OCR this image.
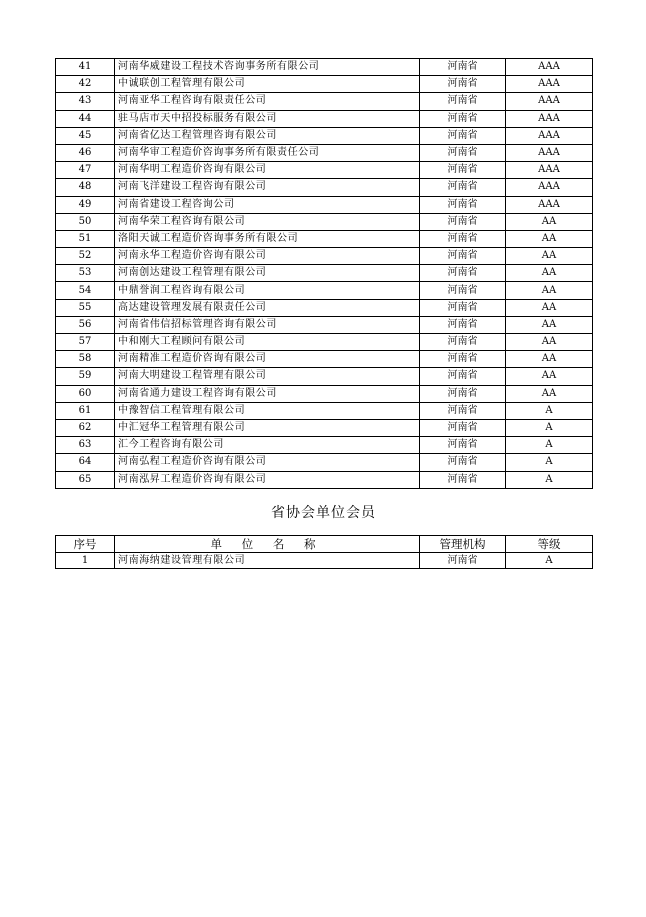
41	河南华威建设工程技术咨询事务所有限公司	河南省	AAA
42	中诚联创工程管理有限公司	河南省	AAA
43	河南亚华工程咨询有限责任公司	河南省	AAA
44	驻马店市天中招投标服务有限公司	河南省	AAA
45	河南省亿达工程管理咨询有限公司	河南省	AAA
46	河南华审工程造价咨询事务所有限责任公司	河南省	AAA
47	河南华明工程造价咨询有限公司	河南省	AAA
48	河南飞洋建设工程咨询有限公司	河南省	AAA
49	河南省建设工程咨询公司	河南省	AAA
50	河南华荣工程咨询有限公司	河南省	AA
51	洛阳天诚工程造价咨询事务所有限公司	河南省	AA
52	河南永华工程造价咨询有限公司	河南省	AA
53	河南创达建设工程管理有限公司	河南省	AA
54	中鼎誉润工程咨询有限公司	河南省	AA
55	高达建设管理发展有限责任公司	河南省	AA
56	河南省伟信招标管理咨询有限公司	河南省	AA
57	中和刚大工程顾问有限公司	河南省	AA
58	河南精准工程造价咨询有限公司	河南省	AA
59	河南大明建设工程管理有限公司	河南省	AA
60	河南省通力建设工程咨询有限公司	河南省	AA
61	中豫智信工程管理有限公司	河南省	A
62	中汇冠华工程管理有限公司	河南省	A
63	汇今工程咨询有限公司	河南省	A
64	河南弘程工程造价咨询有限公司	河南省	A
65	河南泓昇工程造价咨询有限公司	河南省	A
省协会单位会员
序号	单 位 名 称	管理机构	等级
1	河南海纳建设管理有限公司	河南省	A
